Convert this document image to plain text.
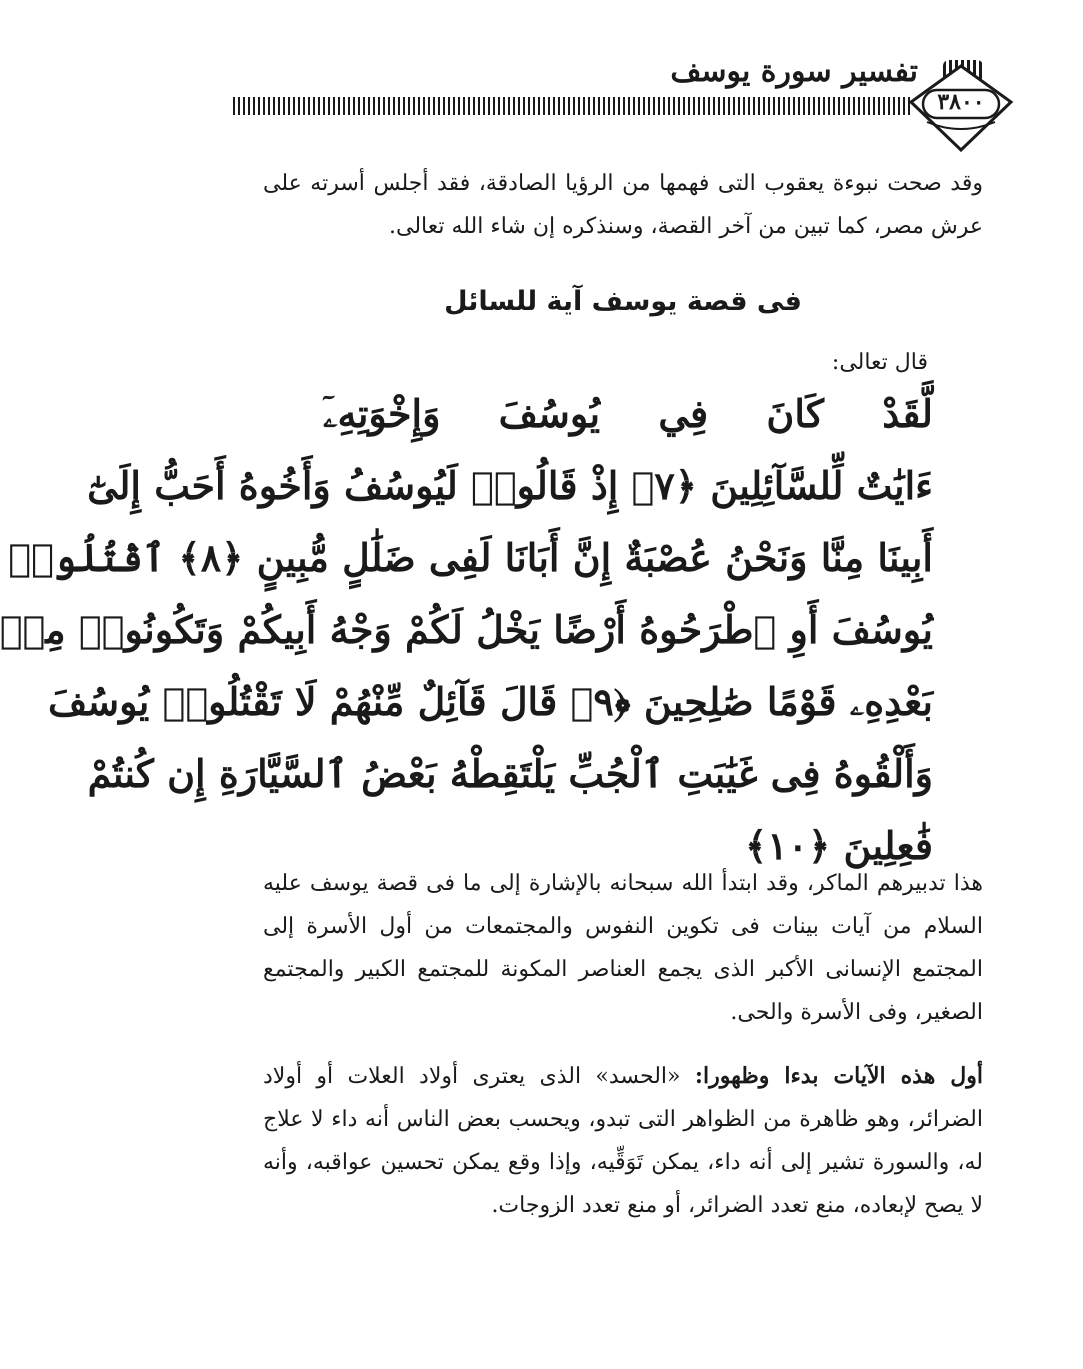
تفسير سورة يوسف
٣٨٠٠

وقد صحت نبوءة يعقوب التى فهمها من الرؤيا الصادقة، فقد أجلس أسرته على عرش مصر، كما تبين من آخر القصة، وسنذكره إن شاء الله تعالى.

فى قصة يوسف آية للسائل
قال تعالى:
لَّقَدْ كَانَ فِي يُوسُفَ وَإِخْوَتِهِۦٓ
ءَايَٰتٌ لِّلسَّآئِلِينَ ﴿٧﴾ إِذْ قَالُوا۟ لَيُوسُفُ وَأَخُوهُ أَحَبُّ إِلَىٰٓ
أَبِينَا مِنَّا وَنَحْنُ عُصْبَةٌ إِنَّ أَبَانَا لَفِى ضَلَٰلٍ مُّبِينٍ ﴿٨﴾ ٱقْتُلُوا۟
يُوسُفَ أَوِ ٱطْرَحُوهُ أَرْضًا يَخْلُ لَكُمْ وَجْهُ أَبِيكُمْ وَتَكُونُوا۟ مِنۢ
بَعْدِهِۦ قَوْمًا صَٰلِحِينَ ﴿٩﴾ قَالَ قَآئِلٌ مِّنْهُمْ لَا تَقْتُلُوا۟ يُوسُفَ
وَأَلْقُوهُ فِى غَيَٰبَتِ ٱلْجُبِّ يَلْتَقِطْهُ بَعْضُ ٱلسَّيَّارَةِ إِن كُنتُمْ
فَٰعِلِينَ ﴿١٠﴾

هذا تدبيرهم الماكر، وقد ابتدأ الله سبحانه بالإشارة إلى ما فى قصة يوسف عليه السلام من آيات بينات فى تكوين النفوس والمجتمعات من أول الأسرة إلى المجتمع الإنسانى الأكبر الذى يجمع العناصر المكونة للمجتمع الكبير والمجتمع الصغير، وفى الأسرة والحى.

أول هذه الآيات بدءا وظهورا: «الحسد» الذى يعترى أولاد العلات أو أولاد الضرائر، وهو ظاهرة من الظواهر التى تبدو، ويحسب بعض الناس أنه داء لا علاج له، والسورة تشير إلى أنه داء، يمكن تَوَقِّيه، وإذا وقع يمكن تحسين عواقبه، وأنه لا يصح لإبعاده، منع تعدد الضرائر، أو منع تعدد الزوجات.
